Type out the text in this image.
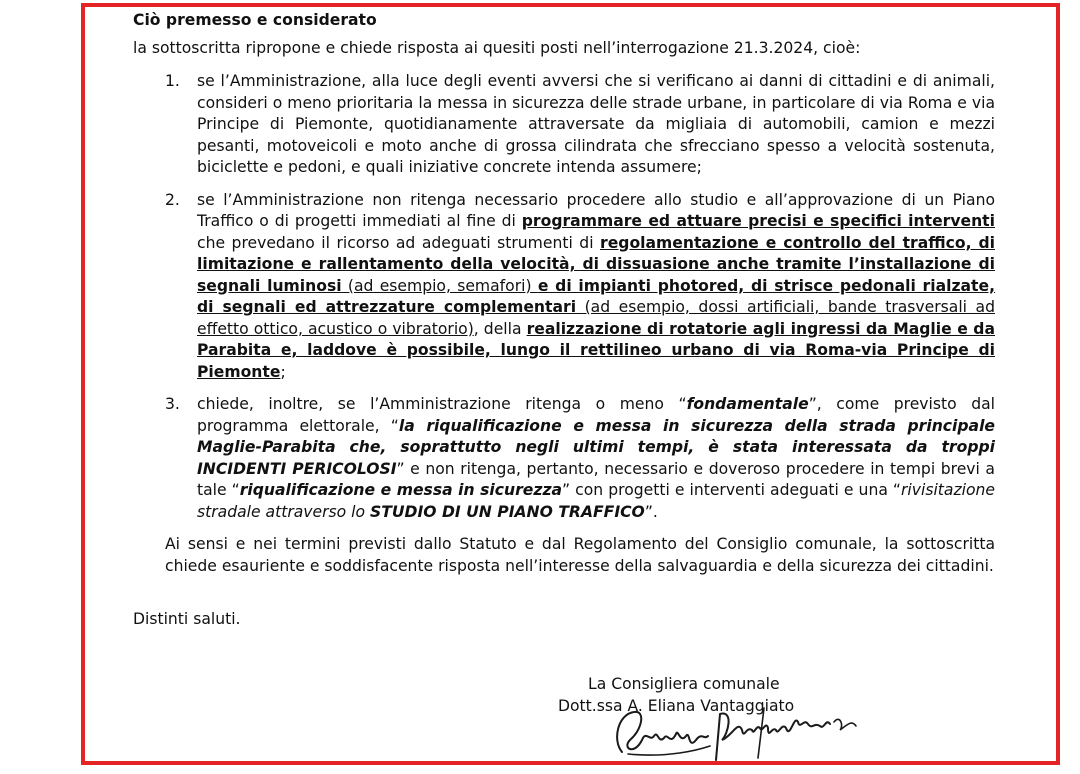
Ciò premesso e considerato
la sottoscritta ripropone e chiede risposta ai quesiti posti nell’interrogazione 21.3.2024, cioè:
1. se l’Amministrazione, alla luce degli eventi avversi che si verificano ai danni di cittadini e di animali, consideri o meno prioritaria la messa in sicurezza delle strade urbane, in particolare di via Roma e via Principe di Piemonte, quotidianamente attraversate da migliaia di automobili, camion e mezzi pesanti, motoveicoli e moto anche di grossa cilindrata che sfrecciano spesso a velocità sostenuta, biciclette e pedoni, e quali iniziative concrete intenda assumere;
2. se l’Amministrazione non ritenga necessario procedere allo studio e all’approvazione di un Piano Traffico o di progetti immediati al fine di programmare ed attuare precisi e specifici interventi che prevedano il ricorso ad adeguati strumenti di regolamentazione e controllo del traffico, di limitazione e rallentamento della velocità, di dissuasione anche tramite l’installazione di segnali luminosi (ad esempio, semafori) e di impianti photored, di strisce pedonali rialzate, di segnali ed attrezzature complementari (ad esempio, dossi artificiali, bande trasversali ad effetto ottico, acustico o vibratorio), della realizzazione di rotatorie agli ingressi da Maglie e da Parabita e, laddove è possibile, lungo il rettilineo urbano di via Roma-via Principe di Piemonte;
3. chiede, inoltre, se l’Amministrazione ritenga o meno “fondamentale”, come previsto dal programma elettorale, “la riqualificazione e messa in sicurezza della strada principale Maglie-Parabita che, soprattutto negli ultimi tempi, è stata interessata da troppi INCIDENTI PERICOLOSI” e non ritenga, pertanto, necessario e doveroso procedere in tempi brevi a tale “riqualificazione e messa in sicurezza” con progetti e interventi adeguati e una “rivisitazione stradale attraverso lo STUDIO DI UN PIANO TRAFFICO”.
Ai sensi e nei termini previsti dallo Statuto e dal Regolamento del Consiglio comunale, la sottoscritta chiede esauriente e soddisfacente risposta nell’interesse della salvaguardia e della sicurezza dei cittadini.
Distinti saluti.
La Consigliera comunale
Dott.ssa A. Eliana Vantaggiato
